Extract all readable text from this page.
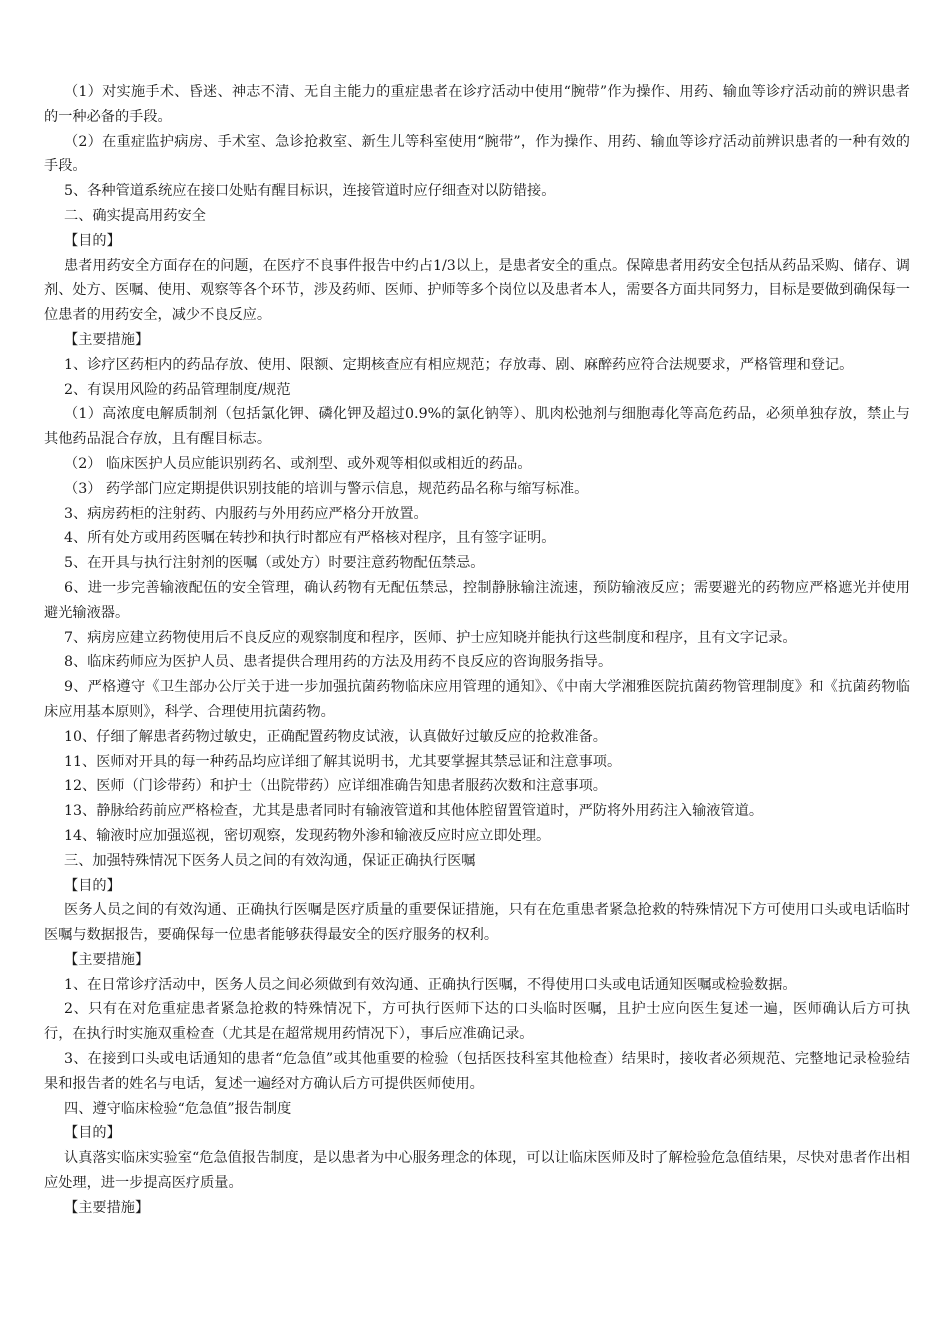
（1）对实施手术、昏迷、神志不清、无自主能力的重症患者在诊疗活动中使用“腕带”作为操作、用药、输血等诊疗活动前的辨识患者的一种必备的手段。

（2）在重症监护病房、手术室、急诊抢救室、新生儿等科室使用“腕带”，作为操作、用药、输血等诊疗活动前辨识患者的一种有效的手段。

5、各种管道系统应在接口处贴有醒目标识，连接管道时应仔细查对以防错接。

二、确实提高用药安全

【目的】

患者用药安全方面存在的问题，在医疗不良事件报告中约占1/3以上，是患者安全的重点。保障患者用药安全包括从药品采购、储存、调剂、处方、医嘱、使用、观察等各个环节，涉及药师、医师、护师等多个岗位以及患者本人，需要各方面共同努力，目标是要做到确保每一位患者的用药安全，减少不良反应。

【主要措施】

1、诊疗区药柜内的药品存放、使用、限额、定期核查应有相应规范；存放毒、剧、麻醉药应符合法规要求，严格管理和登记。

2、有误用风险的药品管理制度/规范

（1）高浓度电解质制剂（包括氯化钾、磷化钾及超过0.9%的氯化钠等）、肌肉松弛剂与细胞毒化等高危药品，必须单独存放，禁止与其他药品混合存放，且有醒目标志。

（2） 临床医护人员应能识别药名、或剂型、或外观等相似或相近的药品。

（3） 药学部门应定期提供识别技能的培训与警示信息，规范药品名称与缩写标准。

3、病房药柜的注射药、内服药与外用药应严格分开放置。

4、所有处方或用药医嘱在转抄和执行时都应有严格核对程序，且有签字证明。

5、在开具与执行注射剂的医嘱（或处方）时要注意药物配伍禁忌。

6、进一步完善输液配伍的安全管理，确认药物有无配伍禁忌，控制静脉输注流速，预防输液反应；需要避光的药物应严格遮光并使用避光输液器。

7、病房应建立药物使用后不良反应的观察制度和程序，医师、护士应知晓并能执行这些制度和程序，且有文字记录。

8、临床药师应为医护人员、患者提供合理用药的方法及用药不良反应的咨询服务指导。

9、严格遵守《卫生部办公厅关于进一步加强抗菌药物临床应用管理的通知》、《中南大学湘雅医院抗菌药物管理制度》和《抗菌药物临床应用基本原则》，科学、合理使用抗菌药物。

10、仔细了解患者药物过敏史，正确配置药物皮试液，认真做好过敏反应的抢救准备。

11、医师对开具的每一种药品均应详细了解其说明书，尤其要掌握其禁忌证和注意事项。

12、医师（门诊带药）和护士（出院带药）应详细准确告知患者服药次数和注意事项。

13、静脉给药前应严格检查，尤其是患者同时有输液管道和其他体腔留置管道时，严防将外用药注入输液管道。

14、输液时应加强巡视，密切观察，发现药物外渗和输液反应时应立即处理。

三、加强特殊情况下医务人员之间的有效沟通，保证正确执行医嘱

【目的】

医务人员之间的有效沟通、正确执行医嘱是医疗质量的重要保证措施，只有在危重患者紧急抢救的特殊情况下方可使用口头或电话临时医嘱与数据报告，要确保每一位患者能够获得最安全的医疗服务的权利。

【主要措施】

1、在日常诊疗活动中，医务人员之间必须做到有效沟通、正确执行医嘱，不得使用口头或电话通知医嘱或检验数据。

2、只有在对危重症患者紧急抢救的特殊情况下，方可执行医师下达的口头临时医嘱，且护士应向医生复述一遍，医师确认后方可执行，在执行时实施双重检查（尤其是在超常规用药情况下），事后应准确记录。

3、在接到口头或电话通知的患者“危急值”或其他重要的检验（包括医技科室其他检查）结果时，接收者必须规范、完整地记录检验结果和报告者的姓名与电话，复述一遍经对方确认后方可提供医师使用。

四、遵守临床检验“危急值”报告制度

【目的】

认真落实临床实验室“危急值报告制度，是以患者为中心服务理念的体现，可以让临床医师及时了解检验危急值结果，尽快对患者作出相应处理，进一步提高医疗质量。

【主要措施】
